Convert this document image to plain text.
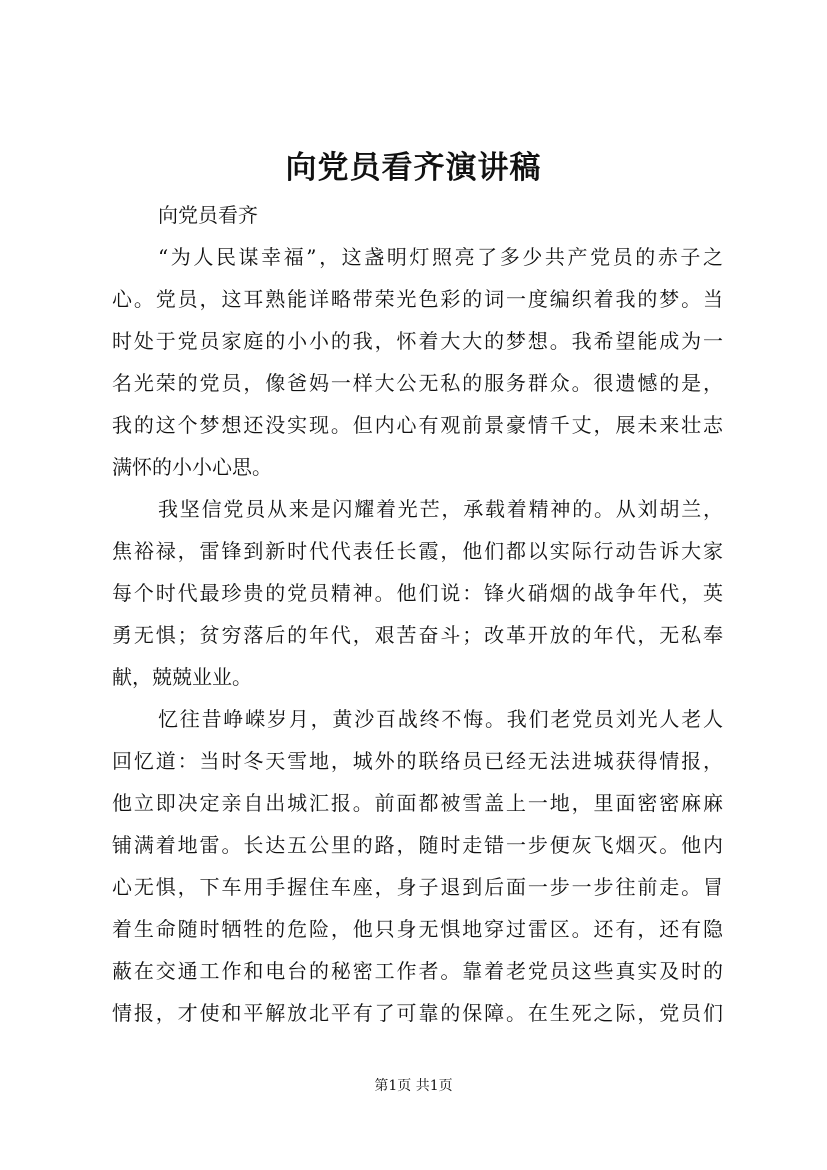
向党员看齐演讲稿

向党员看齐

“为人民谋幸福”，这盏明灯照亮了多少共产党员的赤子之
心。党员，这耳熟能详略带荣光色彩的词一度编织着我的梦。当
时处于党员家庭的小小的我，怀着大大的梦想。我希望能成为一
名光荣的党员，像爸妈一样大公无私的服务群众。很遗憾的是，
我的这个梦想还没实现。但内心有观前景豪情千丈，展未来壮志
满怀的小小心思。
我坚信党员从来是闪耀着光芒，承载着精神的。从刘胡兰，
焦裕禄，雷锋到新时代代表任长霞，他们都以实际行动告诉大家
每个时代最珍贵的党员精神。他们说：锋火硝烟的战争年代，英
勇无惧；贫穷落后的年代，艰苦奋斗；改革开放的年代，无私奉
献，兢兢业业。
忆往昔峥嵘岁月，黄沙百战终不悔。我们老党员刘光人老人
回忆道：当时冬天雪地，城外的联络员已经无法进城获得情报，
他立即决定亲自出城汇报。前面都被雪盖上一地，里面密密麻麻
铺满着地雷。长达五公里的路，随时走错一步便灰飞烟灭。他内
心无惧，下车用手握住车座，身子退到后面一步一步往前走。冒
着生命随时牺牲的危险，他只身无惧地穿过雷区。还有，还有隐
蔽在交通工作和电台的秘密工作者。靠着老党员这些真实及时的
情报，才使和平解放北平有了可靠的保障。在生死之际，党员们
第1页 共1页
